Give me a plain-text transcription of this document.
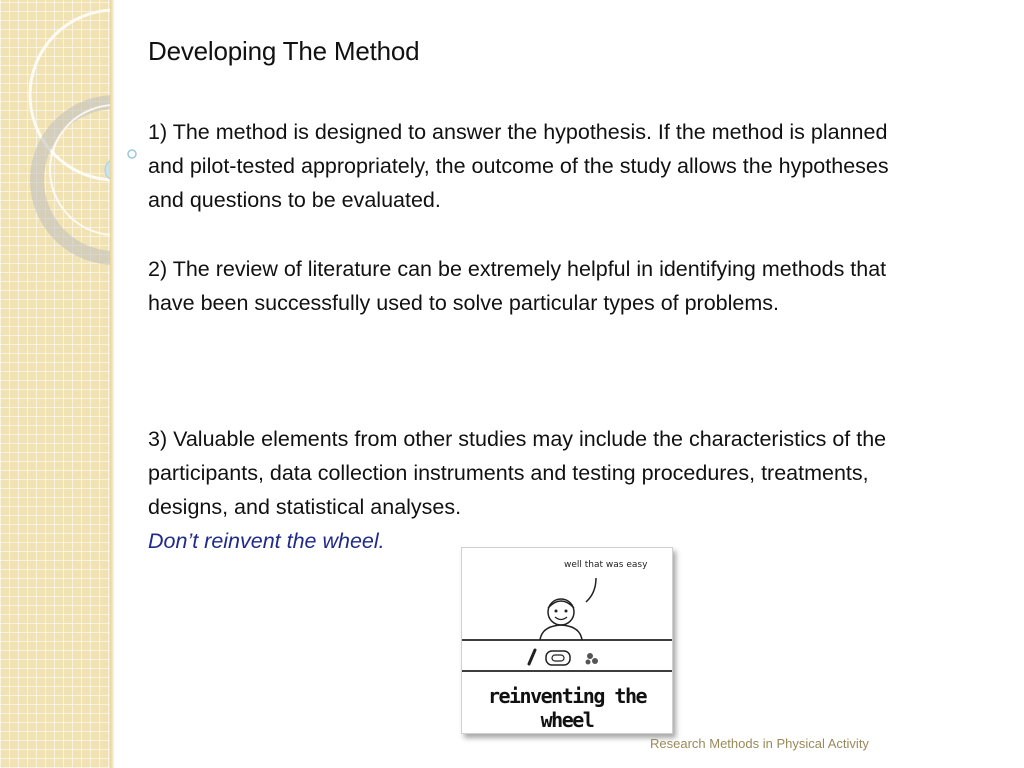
Developing The Method
1) The method is designed to answer the hypothesis. If the method is planned and pilot-tested appropriately, the outcome of the study allows the hypotheses and questions to be evaluated.
2) The review of literature can be extremely helpful in identifying methods that have been successfully used to solve particular types of problems.
3) Valuable elements from other studies may include the characteristics of the participants, data collection instruments and testing procedures, treatments, designs, and statistical analyses.
Don’t reinvent the wheel.
well that was easy
reinventing the wheel
Research Methods in Physical Activity
